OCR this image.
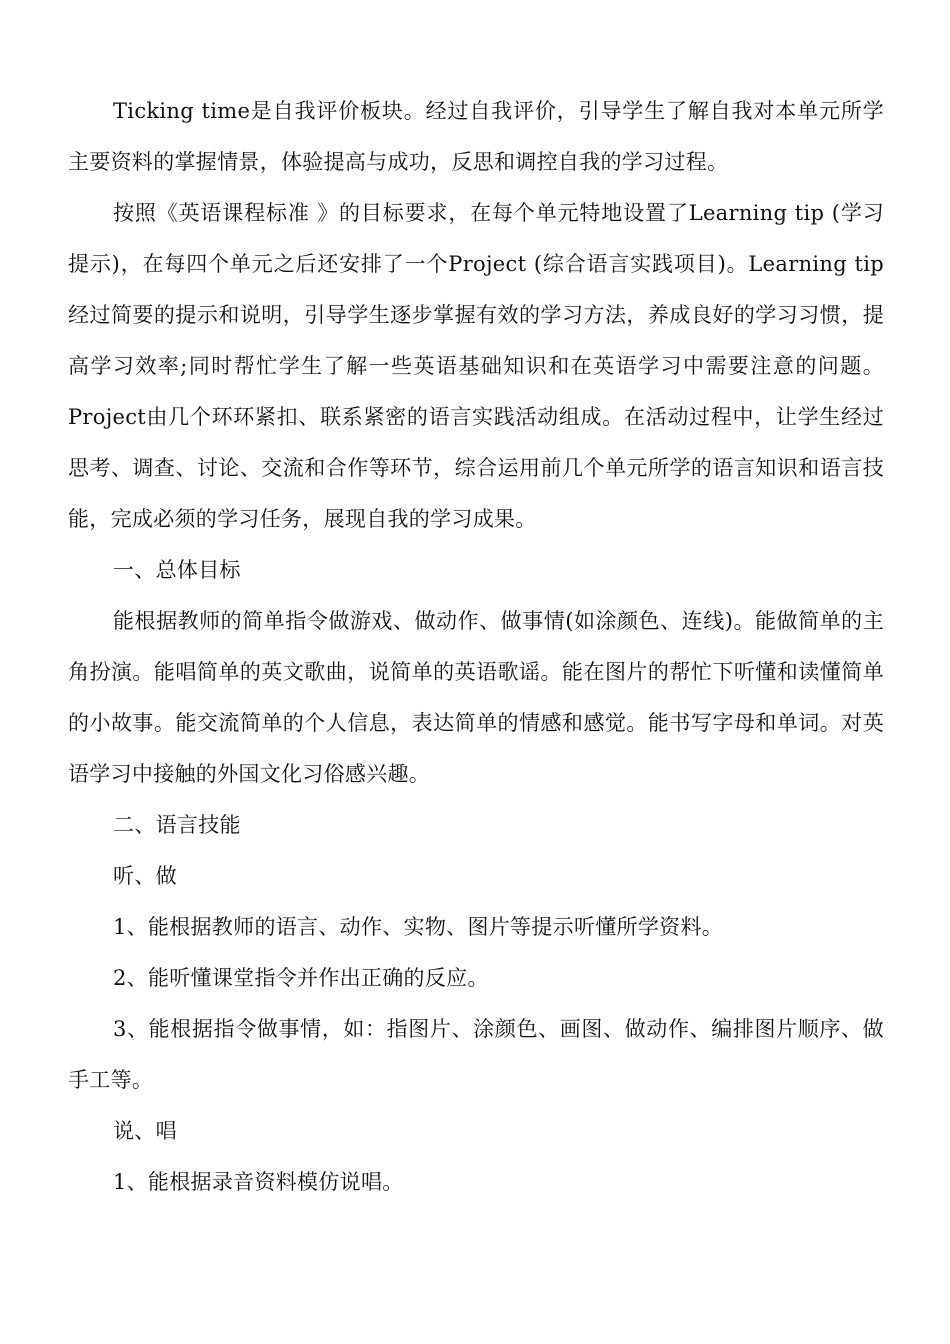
Ticking time是自我评价板块。经过自我评价，引导学生了解自我对本单元所学主要资料的掌握情景，体验提高与成功，反思和调控自我的学习过程。

按照《英语课程标准 》的目标要求，在每个单元特地设置了Learning tip (学习提示)，在每四个单元之后还安排了一个Project (综合语言实践项目)。Learning tip经过简要的提示和说明，引导学生逐步掌握有效的学习方法，养成良好的学习习惯，提高学习效率;同时帮忙学生了解一些英语基础知识和在英语学习中需要注意的问题。Project由几个环环紧扣、联系紧密的语言实践活动组成。在活动过程中，让学生经过思考、调查、讨论、交流和合作等环节，综合运用前几个单元所学的语言知识和语言技能，完成必须的学习任务，展现自我的学习成果。

一、总体目标

能根据教师的简单指令做游戏、做动作、做事情(如涂颜色、连线)。能做简单的主角扮演。能唱简单的英文歌曲，说简单的英语歌谣。能在图片的帮忙下听懂和读懂简单的小故事。能交流简单的个人信息，表达简单的情感和感觉。能书写字母和单词。对英语学习中接触的外国文化习俗感兴趣。

二、语言技能

听、做

1、能根据教师的语言、动作、实物、图片等提示听懂所学资料。

2、能听懂课堂指令并作出正确的反应。

3、能根据指令做事情，如：指图片、涂颜色、画图、做动作、编排图片顺序、做手工等。

说、唱

1、能根据录音资料模仿说唱。
